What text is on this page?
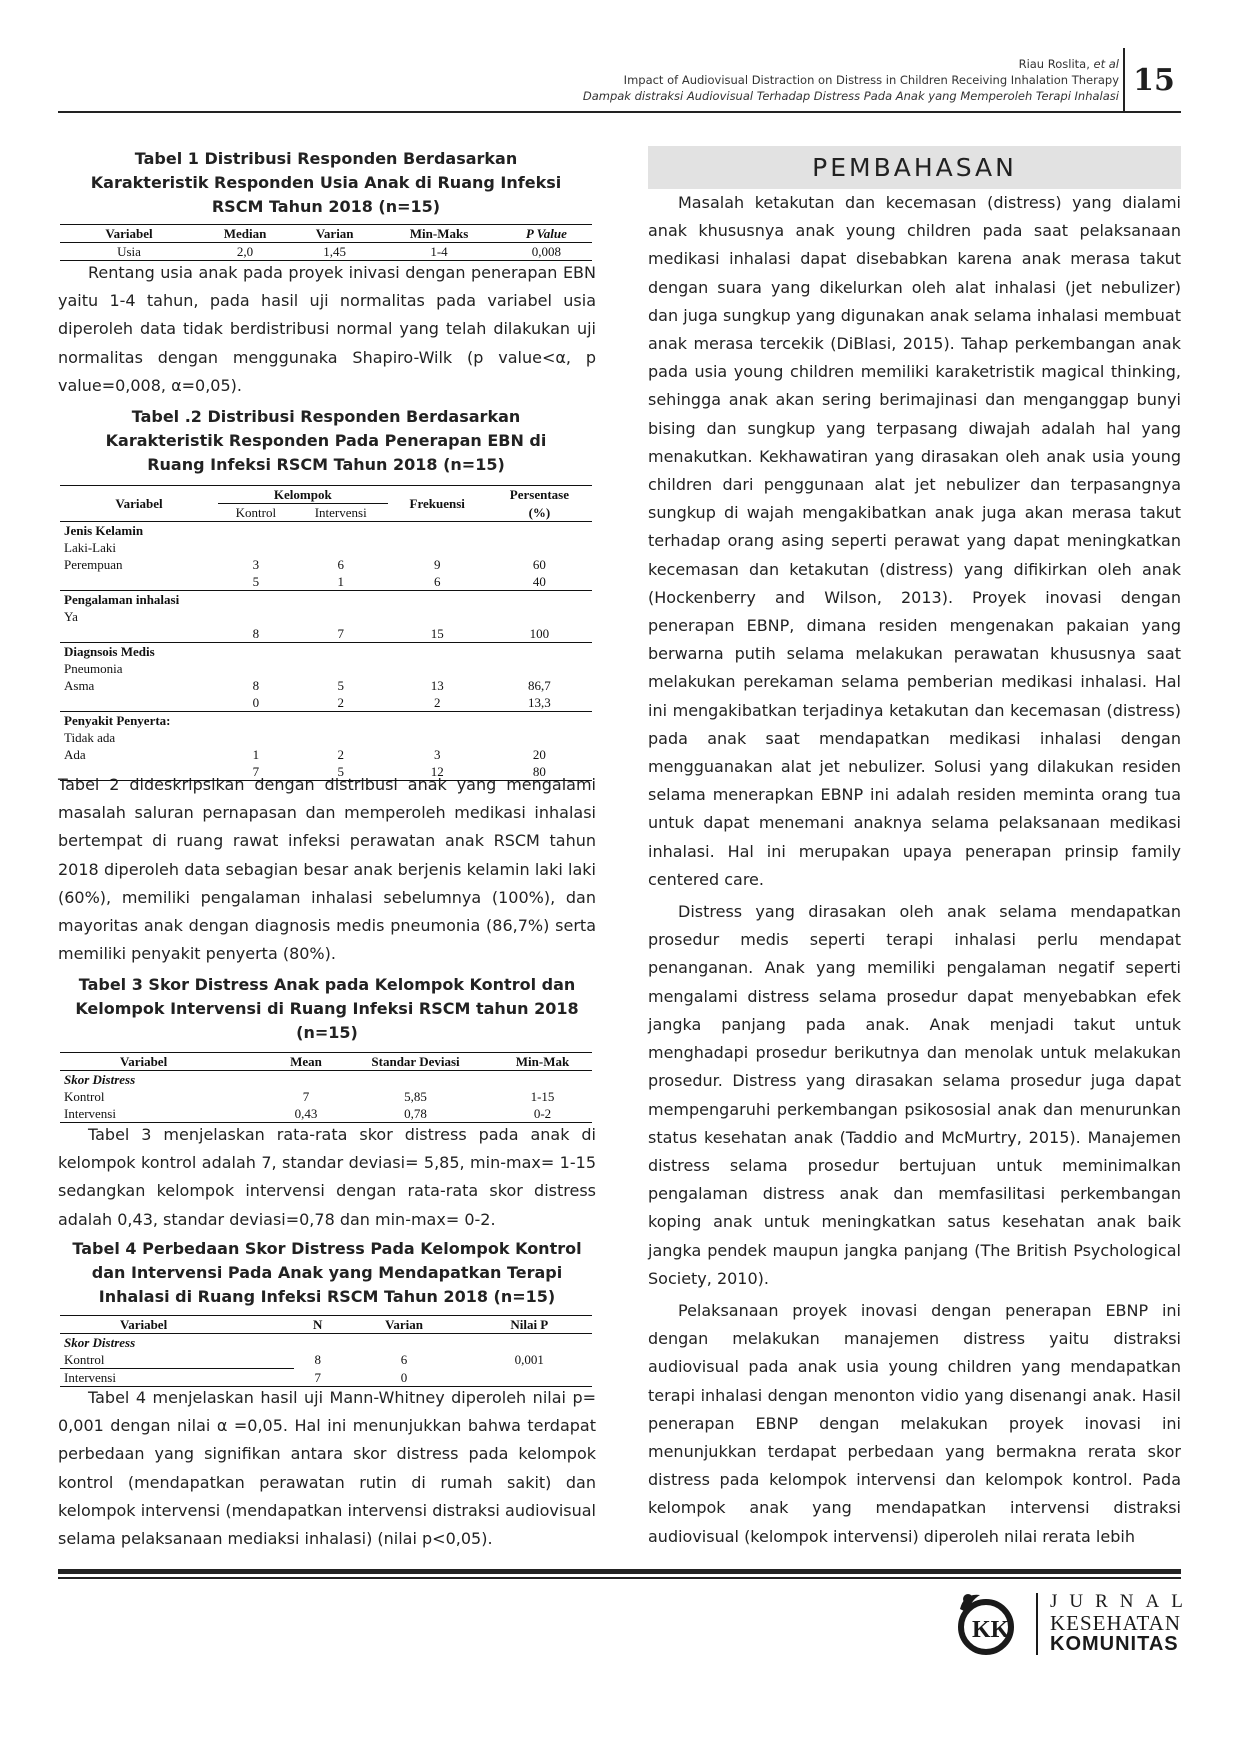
Riau Roslita, et al
Impact of Audiovisual Distraction on Distress in Children Receiving Inhalation Therapy
Dampak distraksi Audiovisual Terhadap Distress Pada Anak yang Memperoleh Terapi Inhalasi 15
Tabel 1 Distribusi Responden Berdasarkan Karakteristik Responden Usia Anak di Ruang Infeksi RSCM Tahun 2018 (n=15)
Variabel	Median	Varian	Min-Maks	P Value
Usia	2,0	1,45	1-4	0,008

Rentang usia anak pada proyek inivasi dengan penerapan EBN yaitu 1-4 tahun, pada hasil uji normalitas pada variabel usia diperoleh data tidak berdistribusi normal yang telah dilakukan uji normalitas dengan menggunaka Shapiro-Wilk (p value<α, p value=0,008, α=0,05).

Tabel .2 Distribusi Responden Berdasarkan Karakteristik Responden Pada Penerapan EBN di Ruang Infeksi RSCM Tahun 2018 (n=15)
Variabel	Kelompok		Frekuensi	Persentase
	Kontrol	Intervensi		(%)
Jenis Kelamin				
Laki-Laki				
Perempuan	3	6	9	60
	5	1	6	40
Pengalaman inhalasi				
Ya				
	8	7	15	100
Diagnsois Medis				
Pneumonia				
Asma	8	5	13	86,7
	0	2	2	13,3
Penyakit Penyerta:				
Tidak ada				
Ada	1	2	3	20
	7	5	12	80

Tabel 2 dideskripsikan dengan distribusi anak yang mengalami masalah saluran pernapasan dan memperoleh medikasi inhalasi bertempat di ruang rawat infeksi perawatan anak RSCM tahun 2018 diperoleh data sebagian besar anak berjenis kelamin laki laki (60%), memiliki pengalaman inhalasi sebelumnya (100%), dan mayoritas anak dengan diagnosis medis pneumonia (86,7%) serta memiliki penyakit penyerta (80%).

Tabel 3 Skor Distress Anak pada Kelompok Kontrol dan Kelompok Intervensi di Ruang Infeksi RSCM tahun 2018 (n=15)
Variabel	Mean	Standar Deviasi	Min-Mak
Skor Distress			
Kontrol	7	5,85	1-15
Intervensi	0,43	0,78	0-2

Tabel 3 menjelaskan rata-rata skor distress pada anak di kelompok kontrol adalah 7, standar deviasi= 5,85, min-max= 1-15 sedangkan kelompok intervensi dengan rata-rata skor distress adalah 0,43, standar deviasi=0,78 dan min-max= 0-2.

Tabel 4 Perbedaan Skor Distress Pada Kelompok Kontrol dan Intervensi Pada Anak yang Mendapatkan Terapi Inhalasi di Ruang Infeksi RSCM Tahun 2018 (n=15)
Variabel	N	Varian	Nilai P
Skor Distress			
Kontrol	8	6	0,001
Intervensi	7	0	

Tabel 4 menjelaskan hasil uji Mann-Whitney diperoleh nilai p= 0,001 dengan nilai α =0,05. Hal ini menunjukkan bahwa terdapat perbedaan yang signifikan antara skor distress pada kelompok kontrol (mendapatkan perawatan rutin di rumah sakit) dan kelompok intervensi (mendapatkan intervensi distraksi audiovisual selama pelaksanaan mediaksi inhalasi) (nilai p<0,05).

PEMBAHASAN

Masalah ketakutan dan kecemasan (distress) yang dialami anak khususnya anak young children pada saat pelaksanaan medikasi inhalasi dapat disebabkan karena anak merasa takut dengan suara yang dikelurkan oleh alat inhalasi (jet nebulizer) dan juga sungkup yang digunakan anak selama inhalasi membuat anak merasa tercekik (DiBlasi, 2015). Tahap perkembangan anak pada usia young children memiliki karaketristik magical thinking, sehingga anak akan sering berimajinasi dan menganggap bunyi bising dan sungkup yang terpasang diwajah adalah hal yang menakutkan. Kekhawatiran yang dirasakan oleh anak usia young children dari penggunaan alat jet nebulizer dan terpasangnya sungkup di wajah mengakibatkan anak juga akan merasa takut terhadap orang asing seperti perawat yang dapat meningkatkan kecemasan dan ketakutan (distress) yang difikirkan oleh anak (Hockenberry and Wilson, 2013). Proyek inovasi dengan penerapan EBNP, dimana residen mengenakan pakaian yang berwarna putih selama melakukan perawatan khususnya saat melakukan perekaman selama pemberian medikasi inhalasi. Hal ini mengakibatkan terjadinya ketakutan dan kecemasan (distress) pada anak saat mendapatkan medikasi inhalasi dengan mengguanakan alat jet nebulizer. Solusi yang dilakukan residen selama menerapkan EBNP ini adalah residen meminta orang tua untuk dapat menemani anaknya selama pelaksanaan medikasi inhalasi. Hal ini merupakan upaya penerapan prinsip family centered care.

Distress yang dirasakan oleh anak selama mendapatkan prosedur medis seperti terapi inhalasi perlu mendapat penanganan. Anak yang memiliki pengalaman negatif seperti mengalami distress selama prosedur dapat menyebabkan efek jangka panjang pada anak. Anak menjadi takut untuk menghadapi prosedur berikutnya dan menolak untuk melakukan prosedur. Distress yang dirasakan selama prosedur juga dapat mempengaruhi perkembangan psikososial anak dan menurunkan status kesehatan anak (Taddio and McMurtry, 2015). Manajemen distress selama prosedur bertujuan untuk meminimalkan pengalaman distress anak dan memfasilitasi perkembangan koping anak untuk meningkatkan satus kesehatan anak baik jangka pendek maupun jangka panjang (The British Psychological Society, 2010).

Pelaksanaan proyek inovasi dengan penerapan EBNP ini dengan melakukan manajemen distress yaitu distraksi audiovisual pada anak usia young children yang mendapatkan terapi inhalasi dengan menonton vidio yang disenangi anak. Hasil penerapan EBNP dengan melakukan proyek inovasi ini menunjukkan terdapat perbedaan yang bermakna rerata skor distress pada kelompok intervensi dan kelompok kontrol. Pada kelompok anak yang mendapatkan intervensi distraksi audiovisual (kelompok intervensi) diperoleh nilai rerata lebih

KK
JURNAL
KESEHATAN
KOMUNITAS
